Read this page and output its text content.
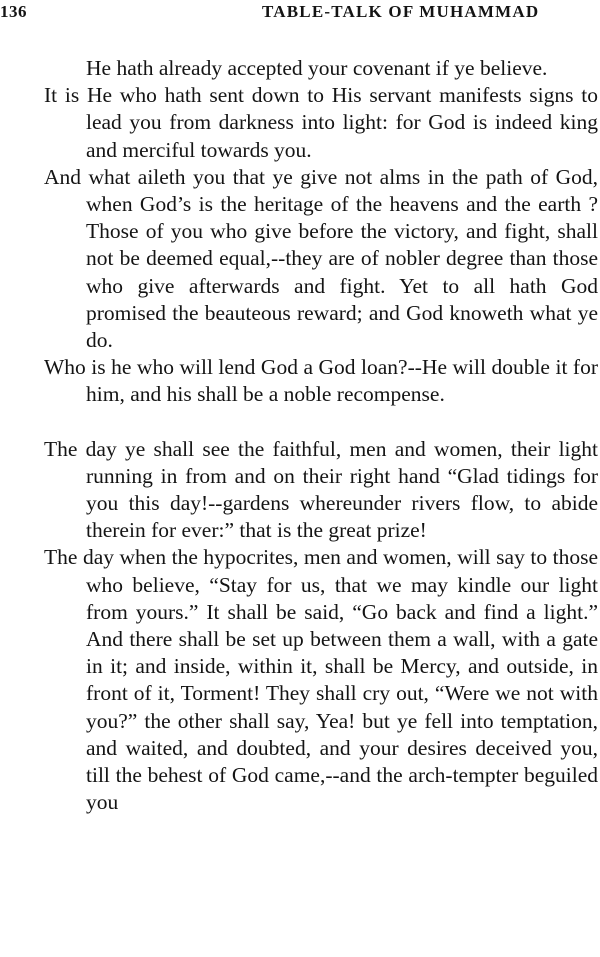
136	TABLE-TALK OF MUHAMMAD

He hath already accepted your covenant if ye believe.

It is He who hath sent down to His servant manifests signs to lead you from darkness into light: for God is indeed king and merciful towards you.

And what aileth you that ye give not alms in the path of God, when God’s is the heritage of the heavens and the earth ? Those of you who give before the victory, and fight, shall not be deemed equal,--they are of nobler degree than those who give afterwards and fight. Yet to all hath God promised the beauteous reward; and God knoweth what ye do.

Who is he who will lend God a God loan?--He will double it for him, and his shall be a noble recompense.

The day ye shall see the faithful, men and women, their light running in from and on their right hand “Glad tidings for you this day!--gardens whereunder rivers flow, to abide therein for ever:” that is the great prize!

The day when the hypocrites, men and women, will say to those who believe, “Stay for us, that we may kindle our light from yours.” It shall be said, “Go back and find a light.” And there shall be set up between them a wall, with a gate in it; and inside, within it, shall be Mercy, and outside, in front of it, Torment! They shall cry out, “Were we not with you?” the other shall say, Yea! but ye fell into temptation, and waited, and doubted, and your desires deceived you, till the behest of God came,--and the arch-tempter beguiled you
